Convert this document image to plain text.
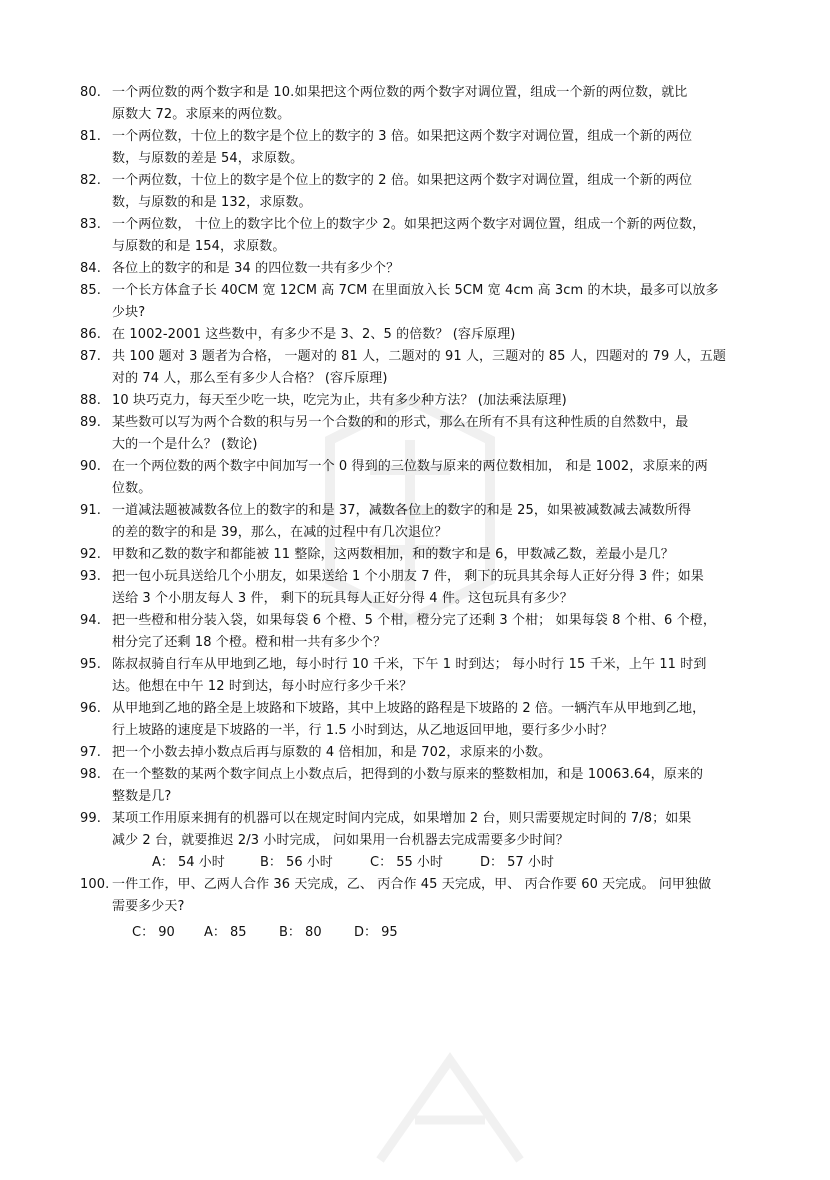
80. 一个两位数的两个数字和是 10.如果把这个两位数的两个数字对调位置，组成一个新的两位数，就比

原数大 72。求原来的两位数。

81. 一个两位数，十位上的数字是个位上的数字的 3 倍。如果把这两个数字对调位置，组成一个新的两位

数，与原数的差是 54，求原数。

82. 一个两位数，十位上的数字是个位上的数字的 2 倍。如果把这两个数字对调位置，组成一个新的两位

数，与原数的和是 132，求原数。

83. 一个两位数， 十位上的数字比个位上的数字少 2。如果把这两个数字对调位置，组成一个新的两位数，

与原数的和是 154，求原数。

84. 各位上的数字的和是 34 的四位数一共有多少个？

85. 一个长方体盒子长 40CM 宽 12CM 高 7CM 在里面放入长 5CM 宽 4cm 高 3cm 的木块，最多可以放多

少块?

86. 在 1002-2001 这些数中，有多少不是 3、2、5 的倍数？ (容斥原理)

87. 共 100 题对 3 题者为合格， 一题对的 81 人，二题对的 91 人，三题对的 85 人，四题对的 79 人，五题

对的 74 人，那么至有多少人合格？ (容斥原理)

88. 10 块巧克力，每天至少吃一块，吃完为止，共有多少种方法？ (加法乘法原理)

89. 某些数可以写为两个合数的积与另一个合数的和的形式，那么在所有不具有这种性质的自然数中，最

大的一个是什么？ (数论)

90. 在一个两位数的两个数字中间加写一个 0 得到的三位数与原来的两位数相加， 和是 1002，求原来的两

位数。

91. 一道减法题被减数各位上的数字的和是 37，减数各位上的数字的和是 25，如果被减数减去减数所得

的差的数字的和是 39，那么，在减的过程中有几次退位？

92. 甲数和乙数的数字和都能被 11 整除，这两数相加，和的数字和是 6，甲数减乙数，差最小是几？

93. 把一包小玩具送给几个小朋友，如果送给 1 个小朋友 7 件， 剩下的玩具其余每人正好分得 3 件；如果

送给 3 个小朋友每人 3 件， 剩下的玩具每人正好分得 4 件。这包玩具有多少？

94. 把一些橙和柑分装入袋，如果每袋 6 个橙、5 个柑，橙分完了还剩 3 个柑； 如果每袋 8 个柑、6 个橙，

柑分完了还剩 18 个橙。橙和柑一共有多少个？

95. 陈叔叔骑自行车从甲地到乙地，每小时行 10 千米，下午 1 时到达； 每小时行 15 千米，上午 11 时到

达。他想在中午 12 时到达，每小时应行多少千米？

96. 从甲地到乙地的路全是上坡路和下坡路，其中上坡路的路程是下坡路的 2 倍。一辆汽车从甲地到乙地，

行上坡路的速度是下坡路的一半，行 1.5 小时到达，从乙地返回甲地，要行多少小时？

97. 把一个小数去掉小数点后再与原数的 4 倍相加，和是 702，求原来的小数。

98. 在一个整数的某两个数字间点上小数点后，把得到的小数与原来的整数相加，和是 10063.64，原来的

整数是几?

99. 某项工作用原来拥有的机器可以在规定时间内完成，如果增加 2 台，则只需要规定时间的 7/8；如果

减少 2 台，就要推迟 2/3 小时完成， 问如果用一台机器去完成需要多少时间？

A： 54 小时	B： 56 小时	C： 55 小时	D： 57 小时
100. 一件工作，甲、乙两人合作 36 天完成，乙、 丙合作 45 天完成，甲、 丙合作要 60 天完成。 问甲独做

需要多少天?

C： 90 A： 85 B： 80 D： 95
